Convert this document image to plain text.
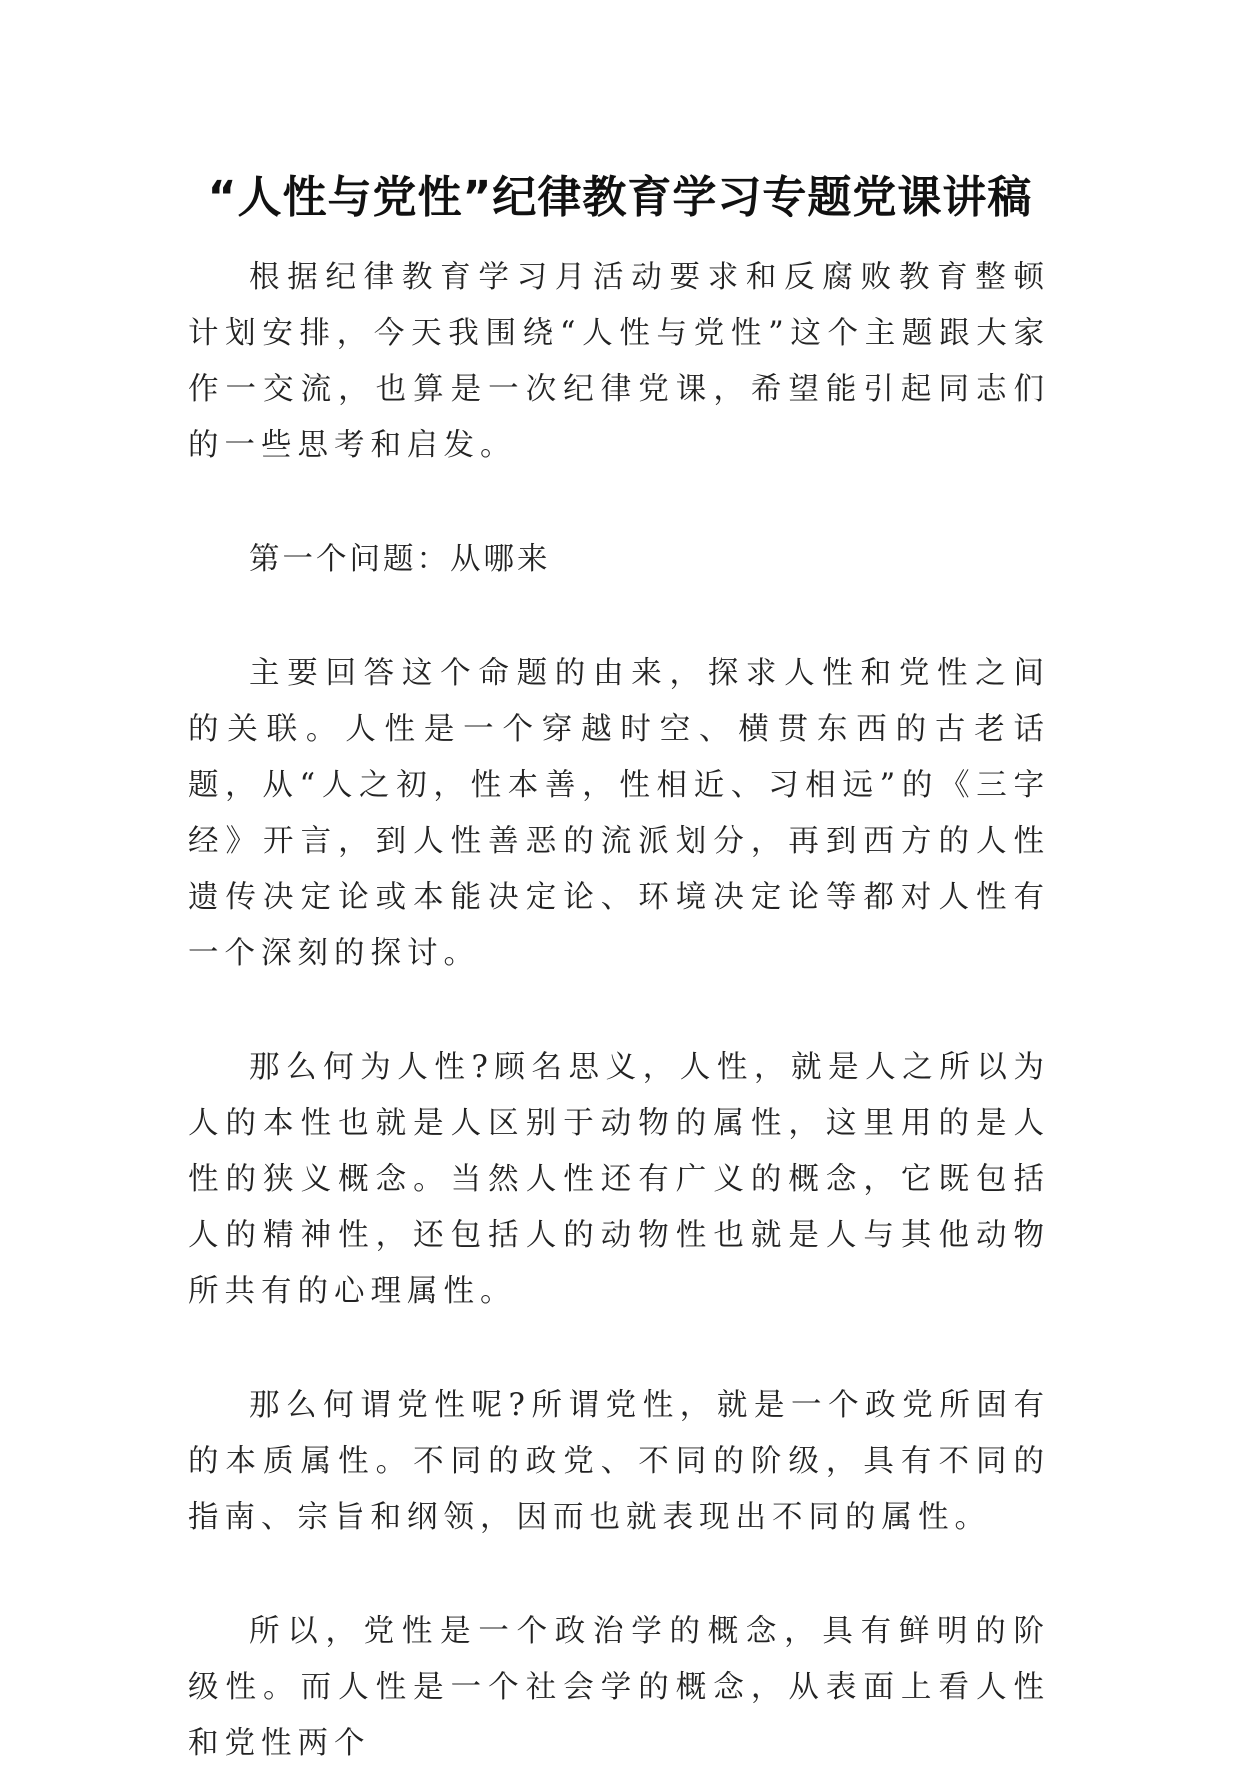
“人性与党性”纪律教育学习专题党课讲稿

根据纪律教育学习月活动要求和反腐败教育整顿计划安排，今天我围绕“人性与党性”这个主题跟大家作一交流，也算是一次纪律党课，希望能引起同志们的一些思考和启发。

第一个问题：从哪来

主要回答这个命题的由来，探求人性和党性之间的关联。人性是一个穿越时空、横贯东西的古老话题，从“人之初，性本善，性相近、习相远”的《三字经》开言，到人性善恶的流派划分，再到西方的人性遗传决定论或本能决定论、环境决定论等都对人性有一个深刻的探讨。

那么何为人性?顾名思义，人性，就是人之所以为人的本性也就是人区别于动物的属性，这里用的是人性的狭义概念。当然人性还有广义的概念，它既包括人的精神性，还包括人的动物性也就是人与其他动物所共有的心理属性。

那么何谓党性呢?所谓党性，就是一个政党所固有的本质属性。不同的政党、不同的阶级，具有不同的指南、宗旨和纲领，因而也就表现出不同的属性。

所以，党性是一个政治学的概念，具有鲜明的阶级性。而人性是一个社会学的概念，从表面上看人性和党性两个
